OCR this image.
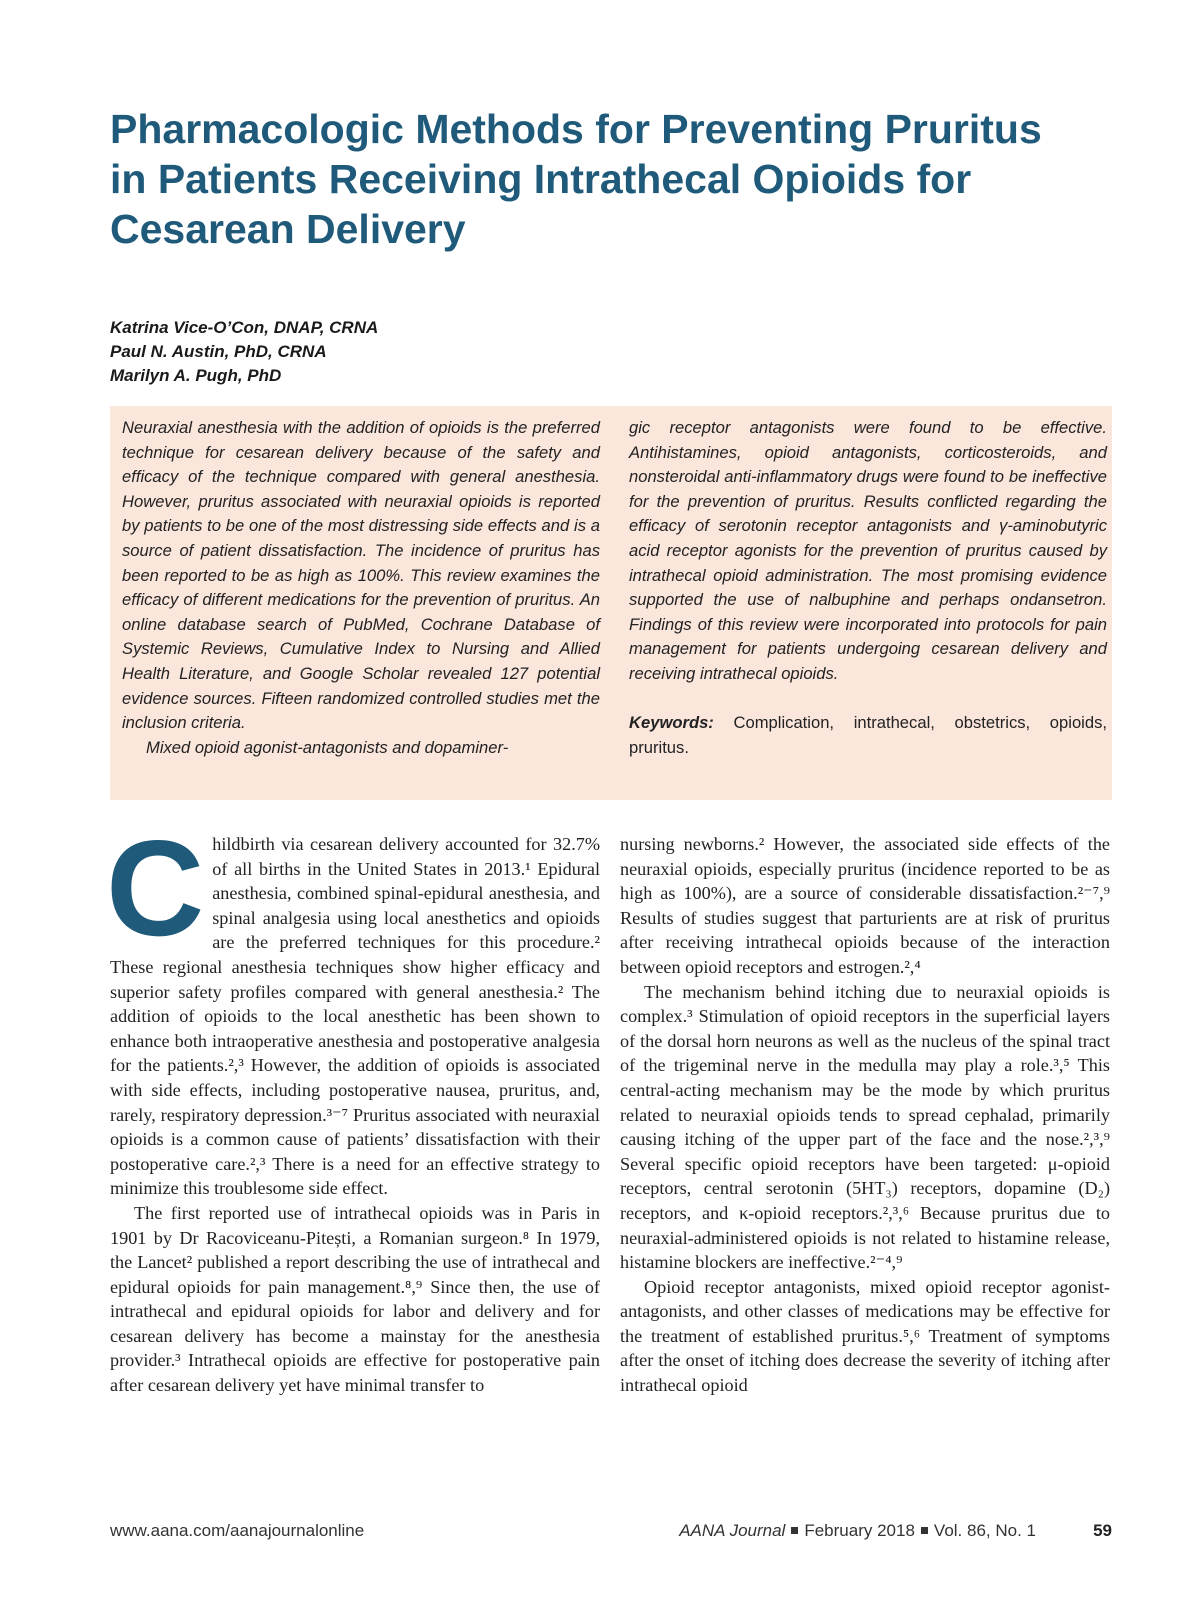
Pharmacologic Methods for Preventing Pruritus
in Patients Receiving Intrathecal Opioids for
Cesarean Delivery
Katrina Vice-O’Con, DNAP, CRNA
Paul N. Austin, PhD, CRNA
Marilyn A. Pugh, PhD

Neuraxial anesthesia with the addition of opioids is the preferred technique for cesarean delivery because of the safety and efficacy of the technique compared with general anesthesia. However, pruritus associated with neuraxial opioids is reported by patients to be one of the most distressing side effects and is a source of patient dissatisfaction. The incidence of pruritus has been reported to be as high as 100%. This review examines the efficacy of different medications for the prevention of pruritus. An online database search of PubMed, Cochrane Database of Systemic Reviews, Cumulative Index to Nursing and Allied Health Literature, and Google Scholar revealed 127 potential evidence sources. Fifteen randomized controlled studies met the inclusion criteria.

Mixed opioid agonist-antagonists and dopaminer-

gic receptor antagonists were found to be effective. Antihistamines, opioid antagonists, corticosteroids, and nonsteroidal anti-inflammatory drugs were found to be ineffective for the prevention of pruritus. Results conflicted regarding the efficacy of serotonin receptor antagonists and γ-aminobutyric acid receptor agonists for the prevention of pruritus caused by intrathecal opioid administration. The most promising evidence supported the use of nalbuphine and perhaps ondansetron. Findings of this review were incorporated into protocols for pain management for patients undergoing cesarean delivery and receiving intrathecal opioids.

Keywords: Complication, intrathecal, obstetrics, opioids, pruritus.

C hildbirth via cesarean delivery accounted for 32.7% of all births in the United States in 2013.¹ Epidural anesthesia, combined spinal-epidural anesthesia, and spinal analgesia using local anesthetics and opioids are the preferred techniques for this procedure.² These regional anesthesia techniques show higher efficacy and superior safety profiles compared with general anesthesia.² The addition of opioids to the local anesthetic has been shown to enhance both intraoperative anesthesia and postoperative analgesia for the patients.²,³ However, the addition of opioids is associated with side effects, including postoperative nausea, pruritus, and, rarely, respiratory depression.³⁻⁷ Pruritus associated with neuraxial opioids is a common cause of patients’ dissatisfaction with their postoperative care.²,³ There is a need for an effective strategy to minimize this troublesome side effect.

The first reported use of intrathecal opioids was in Paris in 1901 by Dr Racoviceanu-Pitești, a Romanian surgeon.⁸ In 1979, the Lancet² published a report describing the use of intrathecal and epidural opioids for pain management.⁸,⁹ Since then, the use of intrathecal and epidural opioids for labor and delivery and for cesarean delivery has become a mainstay for the anesthesia provider.³ Intrathecal opioids are effective for postoperative pain after cesarean delivery yet have minimal transfer to

nursing newborns.² However, the associated side effects of the neuraxial opioids, especially pruritus (incidence reported to be as high as 100%), are a source of considerable dissatisfaction.²⁻⁷,⁹ Results of studies suggest that parturients are at risk of pruritus after receiving intrathecal opioids because of the interaction between opioid receptors and estrogen.²,⁴

The mechanism behind itching due to neuraxial opioids is complex.³ Stimulation of opioid receptors in the superficial layers of the dorsal horn neurons as well as the nucleus of the spinal tract of the trigeminal nerve in the medulla may play a role.³,⁵ This central-acting mechanism may be the mode by which pruritus related to neuraxial opioids tends to spread cephalad, primarily causing itching of the upper part of the face and the nose.²,³,⁹ Several specific opioid receptors have been targeted: μ-opioid receptors, central serotonin (5HT₃) receptors, dopamine (D₂) receptors, and κ-opioid receptors.²,³,⁶ Because pruritus due to neuraxial-administered opioids is not related to histamine release, histamine blockers are ineffective.²⁻⁴,⁹

Opioid receptor antagonists, mixed opioid receptor agonist-antagonists, and other classes of medications may be effective for the treatment of established pruritus.⁵,⁶ Treatment of symptoms after the onset of itching does decrease the severity of itching after intrathecal opioid

www.aana.com/aanajournalonline	AANA Journal February 2018 Vol. 86, No. 1	59
